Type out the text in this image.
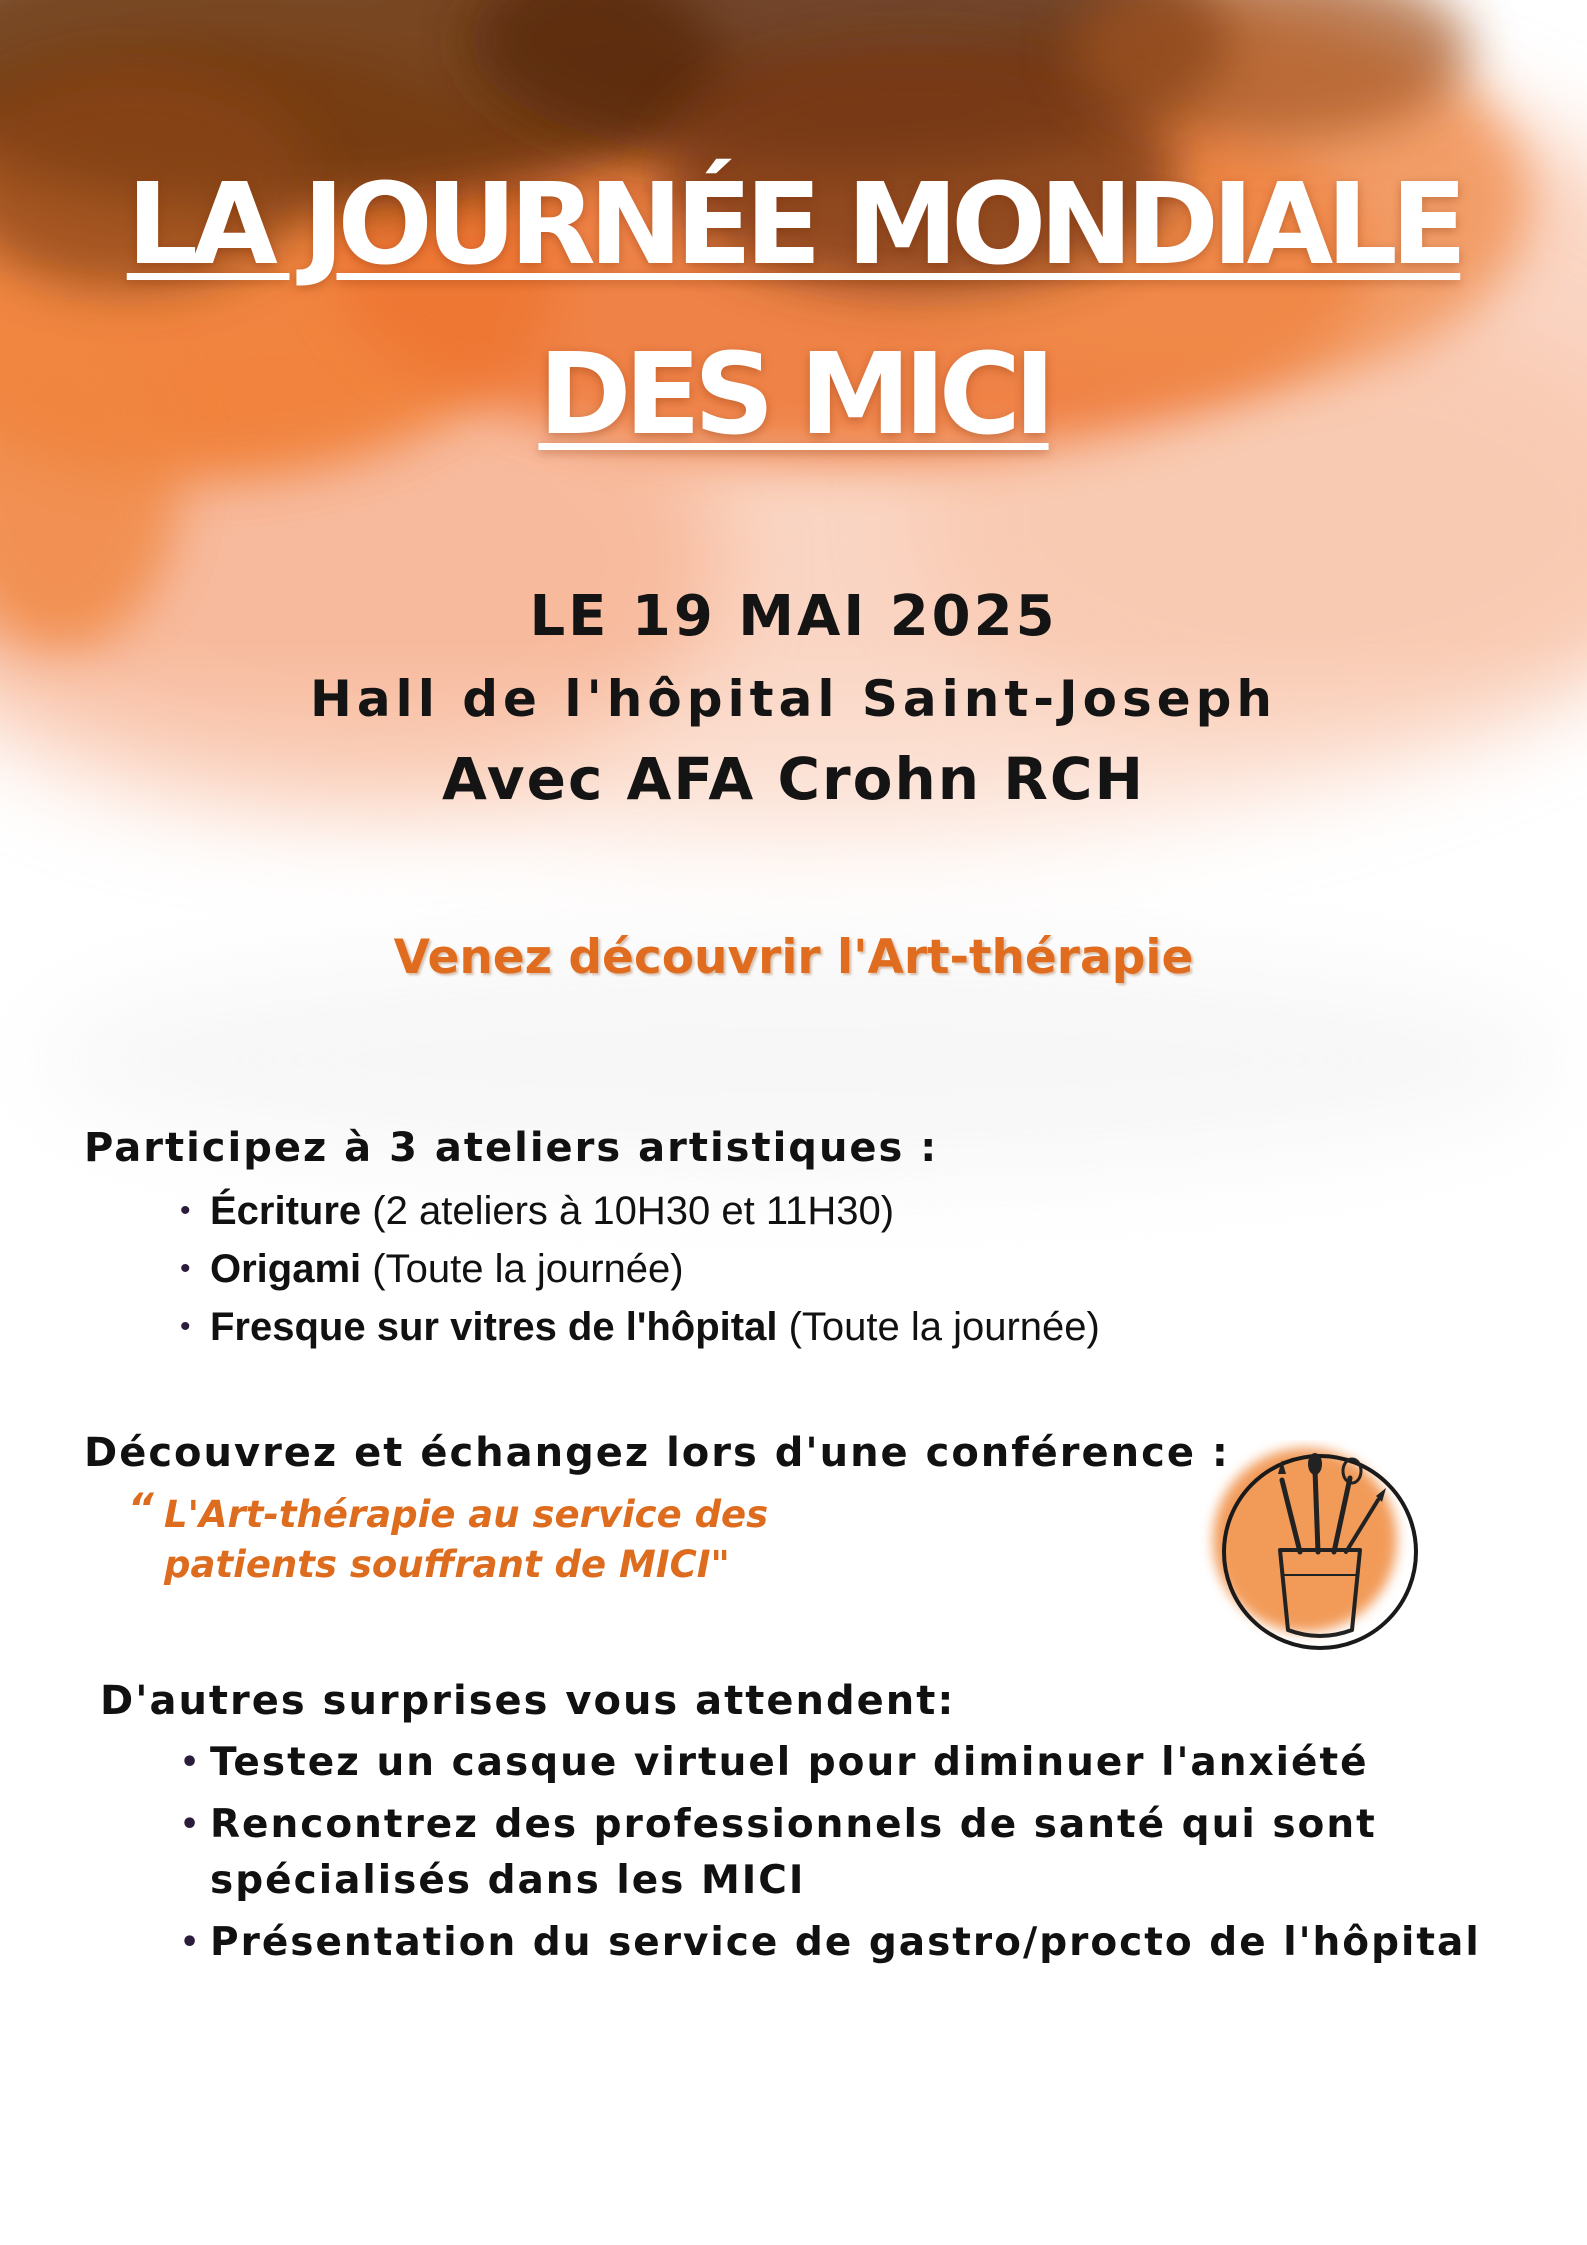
LA JOURNÉE MONDIALE
DES MICI
LE 19 MAI 2025
Hall de l'hôpital Saint-Joseph
Avec AFA Crohn RCH
Venez découvrir l'Art-thérapie
Participez à 3 ateliers artistiques :
• Écriture (2 ateliers à 10H30 et 11H30)
• Origami (Toute la journée)
• Fresque sur vitres de l'hôpital (Toute la journée)
Découvrez et échangez lors d'une conférence :
“ L'Art-thérapie au service des
patients souffrant de MICI"
D'autres surprises vous attendent:
• Testez un casque virtuel pour diminuer l'anxiété
• Rencontrez des professionnels de santé qui sont
spécialisés dans les MICI
• Présentation du service de gastro/procto de l'hôpital
